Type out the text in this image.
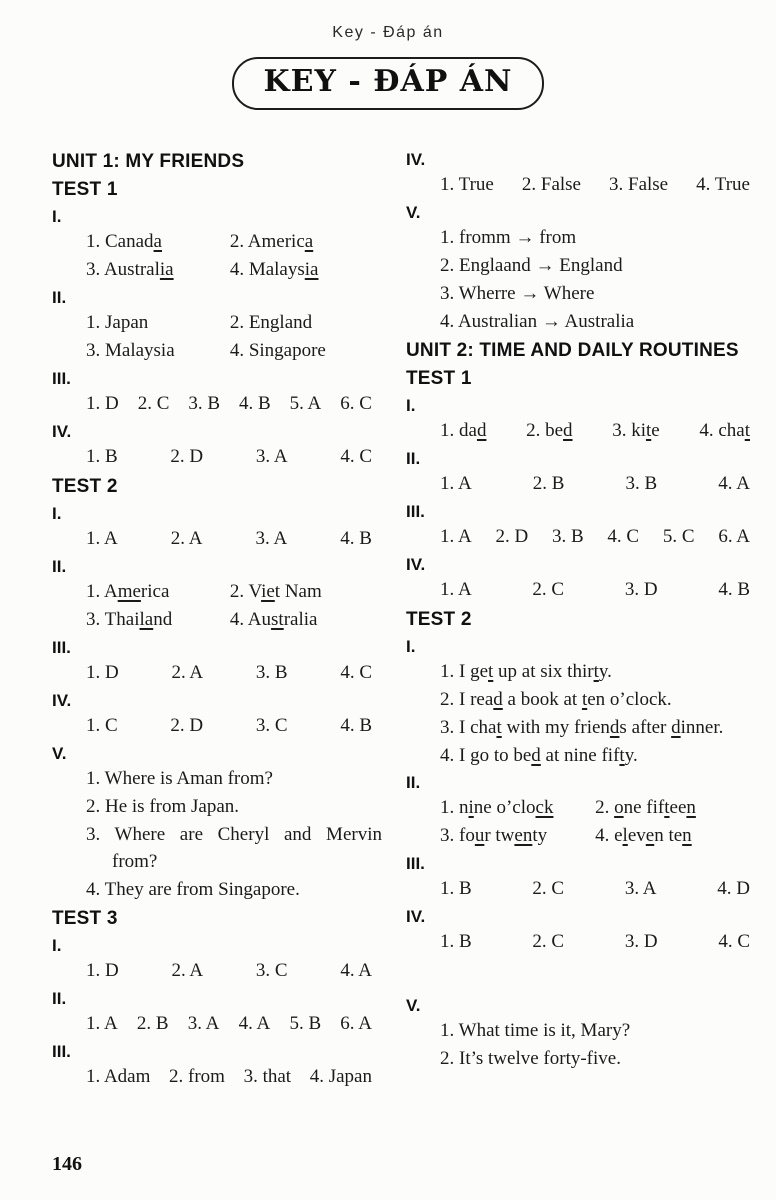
Key - Đáp án
KEY - ĐÁP ÁN
UNIT 1: MY FRIENDS
TEST 1
I.
1. Canada	2. America
3. Australia	4. Malaysia
II.
1. Japan	2. England
3. Malaysia	4. Singapore
III.
1. D 2. C 3. B 4. B 5. A 6. C
IV.
1. B	2. D	3. A	4. C
TEST 2
I.
1. A	2. A	3. A	4. B
II.
1. America	2. Viet Nam
3. Thailand	4. Australia
III.
1. D	2. A	3. B	4. C
IV.
1. C	2. D	3. C	4. B
V.
1. Where is Aman from?
2. He is from Japan.
3. Where are Cheryl and Mervin from?
4. They are from Singapore.
TEST 3
I.
1. D	2. A	3. C	4. A
II.
1. A 2. B 3. A 4. A 5. B 6. A
III.
1. Adam 2. from 3. that 4. Japan
IV.
1. True 2. False 3. False 4. True
V.
1. fromm → from
2. Englaand → England
3. Wherre → Where
4. Australian → Australia
UNIT 2: TIME AND DAILY ROUTINES
TEST 1
I.
1. dad 2. bed 3. kite 4. chat
II.
1. A	2. B	3. B	4. A
III.
1. A 2. D 3. B 4. C 5. C 6. A
IV.
1. A	2. C	3. D	4. B
TEST 2
I.
1. I get up at six thirty.
2. I read a book at ten o’clock.
3. I chat with my friends after dinner.
4. I go to bed at nine fifty.
II.
1. nine o’clock	2. one fifteen
3. four twenty	4. eleven ten
III.
1. B	2. C	3. A	4. D
IV.
1. B	2. C	3. D	4. C
V.
1. What time is it, Mary?
2. It’s twelve forty-five.
146
